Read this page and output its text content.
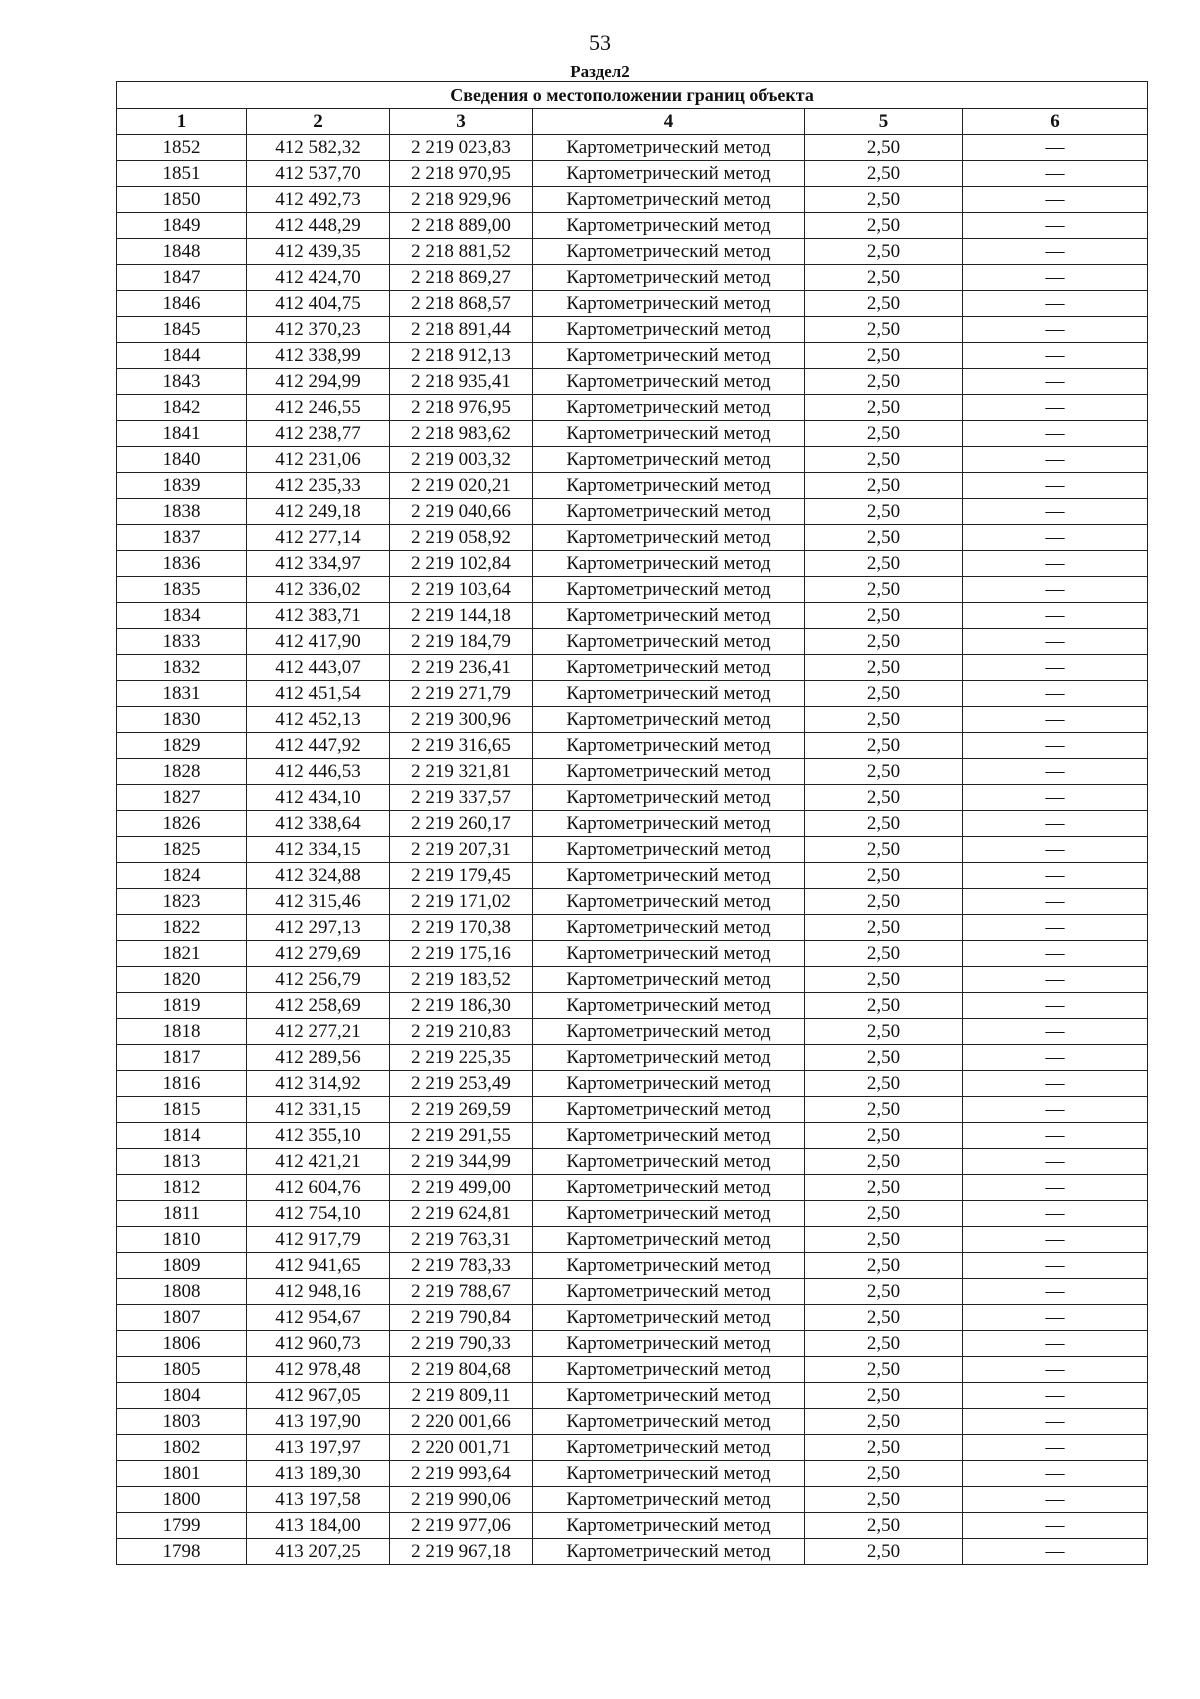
53
Раздел2
Сведения о местоположении границ объекта					
1	2	3	4	5	6
1852	412 582,32	2 219 023,83	Картометрический метод	2,50	—
1851	412 537,70	2 218 970,95	Картометрический метод	2,50	—
1850	412 492,73	2 218 929,96	Картометрический метод	2,50	—
1849	412 448,29	2 218 889,00	Картометрический метод	2,50	—
1848	412 439,35	2 218 881,52	Картометрический метод	2,50	—
1847	412 424,70	2 218 869,27	Картометрический метод	2,50	—
1846	412 404,75	2 218 868,57	Картометрический метод	2,50	—
1845	412 370,23	2 218 891,44	Картометрический метод	2,50	—
1844	412 338,99	2 218 912,13	Картометрический метод	2,50	—
1843	412 294,99	2 218 935,41	Картометрический метод	2,50	—
1842	412 246,55	2 218 976,95	Картометрический метод	2,50	—
1841	412 238,77	2 218 983,62	Картометрический метод	2,50	—
1840	412 231,06	2 219 003,32	Картометрический метод	2,50	—
1839	412 235,33	2 219 020,21	Картометрический метод	2,50	—
1838	412 249,18	2 219 040,66	Картометрический метод	2,50	—
1837	412 277,14	2 219 058,92	Картометрический метод	2,50	—
1836	412 334,97	2 219 102,84	Картометрический метод	2,50	—
1835	412 336,02	2 219 103,64	Картометрический метод	2,50	—
1834	412 383,71	2 219 144,18	Картометрический метод	2,50	—
1833	412 417,90	2 219 184,79	Картометрический метод	2,50	—
1832	412 443,07	2 219 236,41	Картометрический метод	2,50	—
1831	412 451,54	2 219 271,79	Картометрический метод	2,50	—
1830	412 452,13	2 219 300,96	Картометрический метод	2,50	—
1829	412 447,92	2 219 316,65	Картометрический метод	2,50	—
1828	412 446,53	2 219 321,81	Картометрический метод	2,50	—
1827	412 434,10	2 219 337,57	Картометрический метод	2,50	—
1826	412 338,64	2 219 260,17	Картометрический метод	2,50	—
1825	412 334,15	2 219 207,31	Картометрический метод	2,50	—
1824	412 324,88	2 219 179,45	Картометрический метод	2,50	—
1823	412 315,46	2 219 171,02	Картометрический метод	2,50	—
1822	412 297,13	2 219 170,38	Картометрический метод	2,50	—
1821	412 279,69	2 219 175,16	Картометрический метод	2,50	—
1820	412 256,79	2 219 183,52	Картометрический метод	2,50	—
1819	412 258,69	2 219 186,30	Картометрический метод	2,50	—
1818	412 277,21	2 219 210,83	Картометрический метод	2,50	—
1817	412 289,56	2 219 225,35	Картометрический метод	2,50	—
1816	412 314,92	2 219 253,49	Картометрический метод	2,50	—
1815	412 331,15	2 219 269,59	Картометрический метод	2,50	—
1814	412 355,10	2 219 291,55	Картометрический метод	2,50	—
1813	412 421,21	2 219 344,99	Картометрический метод	2,50	—
1812	412 604,76	2 219 499,00	Картометрический метод	2,50	—
1811	412 754,10	2 219 624,81	Картометрический метод	2,50	—
1810	412 917,79	2 219 763,31	Картометрический метод	2,50	—
1809	412 941,65	2 219 783,33	Картометрический метод	2,50	—
1808	412 948,16	2 219 788,67	Картометрический метод	2,50	—
1807	412 954,67	2 219 790,84	Картометрический метод	2,50	—
1806	412 960,73	2 219 790,33	Картометрический метод	2,50	—
1805	412 978,48	2 219 804,68	Картометрический метод	2,50	—
1804	412 967,05	2 219 809,11	Картометрический метод	2,50	—
1803	413 197,90	2 220 001,66	Картометрический метод	2,50	—
1802	413 197,97	2 220 001,71	Картометрический метод	2,50	—
1801	413 189,30	2 219 993,64	Картометрический метод	2,50	—
1800	413 197,58	2 219 990,06	Картометрический метод	2,50	—
1799	413 184,00	2 219 977,06	Картометрический метод	2,50	—
1798	413 207,25	2 219 967,18	Картометрический метод	2,50	—
